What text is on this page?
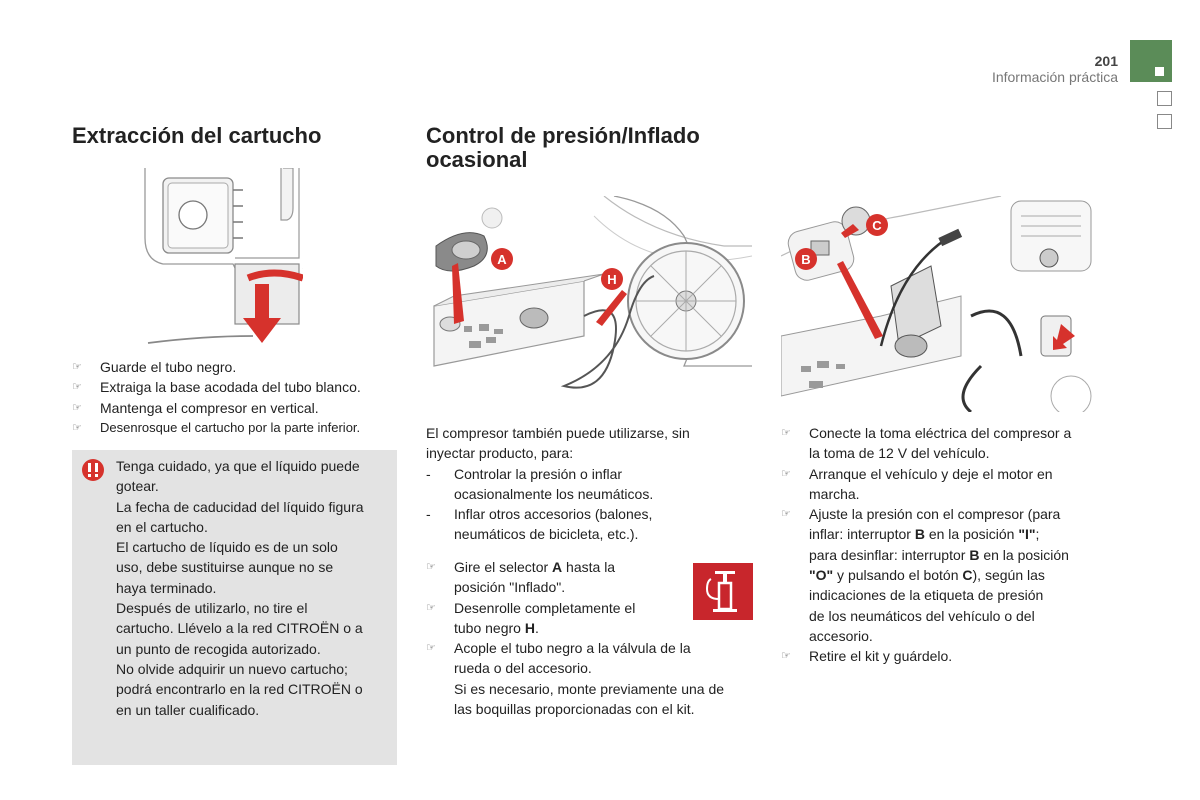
201
Información práctica
Extracción del cartucho
☞	Guarde el tubo negro.
☞	Extraiga la base acodada del tubo blanco.
☞	Mantenga el compresor en vertical.
☞	Desenrosque el cartucho por la parte inferior.
Tenga cuidado, ya que el líquido puede
gotear.
La fecha de caducidad del líquido figura
en el cartucho.
El cartucho de líquido es de un solo
uso, debe sustituirse aunque no se
haya terminado.
Después de utilizarlo, no tire el
cartucho. Llévelo a la red CITROËN o a
un punto de recogida autorizado.
No olvide adquirir un nuevo cartucho;
podrá encontrarlo en la red CITROËN o
en un taller cualificado.
Control de presión/Inflado
ocasional
A
H
El compresor también puede utilizarse, sin
inyectar producto, para:
-	Controlar la presión o inflar
ocasionalmente los neumáticos.
-	Inflar otros accesorios (balones,
neumáticos de bicicleta, etc.).
☞	Gire el selector A hasta la
posición "Inflado".
☞	Desenrolle completamente el
tubo negro H.
☞	Acople el tubo negro a la válvula de la
rueda o del accesorio.
Si es necesario, monte previamente una de
las boquillas proporcionadas con el kit.
B
C
☞	Conecte la toma eléctrica del compresor a
la toma de 12 V del vehículo.
☞	Arranque el vehículo y deje el motor en
marcha.
☞	Ajuste la presión con el compresor (para
inflar: interruptor B en la posición "I";
para desinflar: interruptor B en la posición
"O" y pulsando el botón C), según las
indicaciones de la etiqueta de presión
de los neumáticos del vehículo o del
accesorio.
☞	Retire el kit y guárdelo.
